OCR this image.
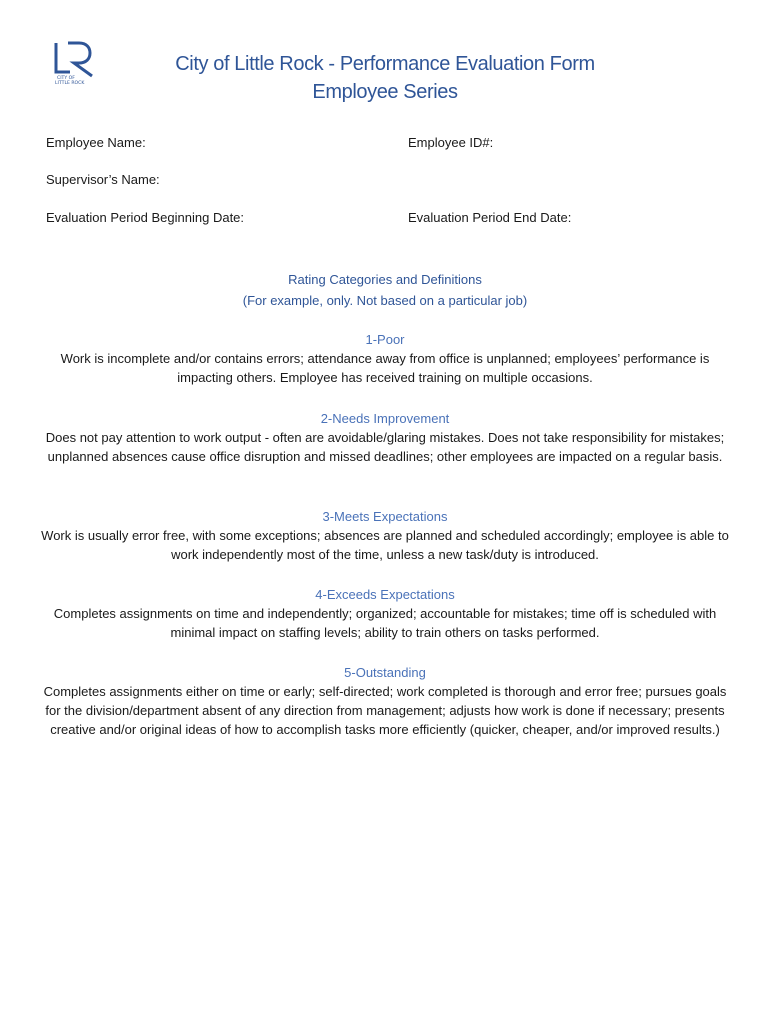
CITY OF
LITTLE ROCK
City of Little Rock - Performance Evaluation Form
Employee Series
Employee Name:	Employee ID#:
Supervisor’s Name:
Evaluation Period Beginning Date:	Evaluation Period End Date:
Rating Categories and Definitions
(For example, only. Not based on a particular job)
1-Poor
Work is incomplete and/or contains errors; attendance away from office is unplanned; employees’ performance is impacting others. Employee has received training on multiple occasions.
2-Needs Improvement
Does not pay attention to work output - often are avoidable/glaring mistakes. Does not take responsibility for mistakes; unplanned absences cause office disruption and missed deadlines; other employees are impacted on a regular basis.
3-Meets Expectations
Work is usually error free, with some exceptions; absences are planned and scheduled accordingly; employee is able to work independently most of the time, unless a new task/duty is introduced.
4-Exceeds Expectations
Completes assignments on time and independently; organized; accountable for mistakes; time off is scheduled with minimal impact on staffing levels; ability to train others on tasks performed.
5-Outstanding
Completes assignments either on time or early; self-directed; work completed is thorough and error free; pursues goals for the division/department absent of any direction from management; adjusts how work is done if necessary; presents creative and/or original ideas of how to accomplish tasks more efficiently (quicker, cheaper, and/or improved results.)
